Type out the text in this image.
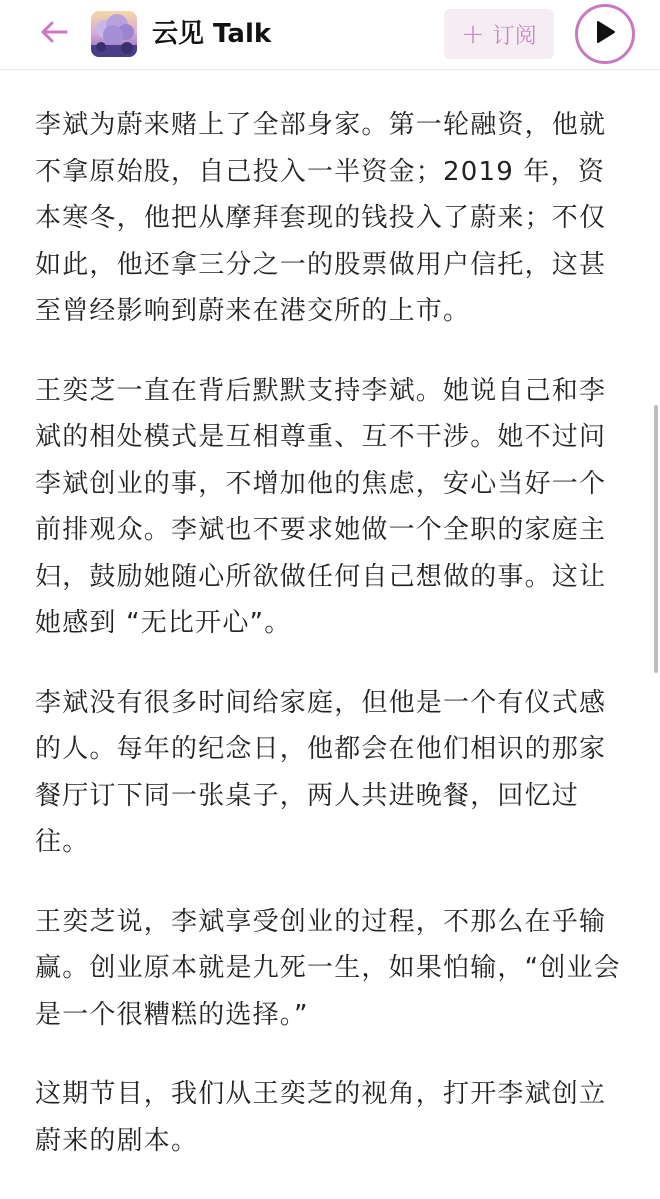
云见 Talk	+ 订阅

李斌为蔚来赌上了全部身家。第一轮融资，他就不拿原始股，自己投入一半资金；2019 年，资本寒冬，他把从摩拜套现的钱投入了蔚来；不仅如此，他还拿三分之一的股票做用户信托，这甚至曾经影响到蔚来在港交所的上市。

王奕芝一直在背后默默支持李斌。她说自己和李斌的相处模式是互相尊重、互不干涉。她不过问李斌创业的事，不增加他的焦虑，安心当好一个前排观众。李斌也不要求她做一个全职的家庭主妇，鼓励她随心所欲做任何自己想做的事。这让她感到 “无比开心”。

李斌没有很多时间给家庭，但他是一个有仪式感的人。每年的纪念日，他都会在他们相识的那家餐厅订下同一张桌子，两人共进晚餐，回忆过往。

王奕芝说，李斌享受创业的过程，不那么在乎输赢。创业原本就是九死一生，如果怕输，“创业会是一个很糟糕的选择。”

这期节目，我们从王奕芝的视角，打开李斌创立蔚来的剧本。
